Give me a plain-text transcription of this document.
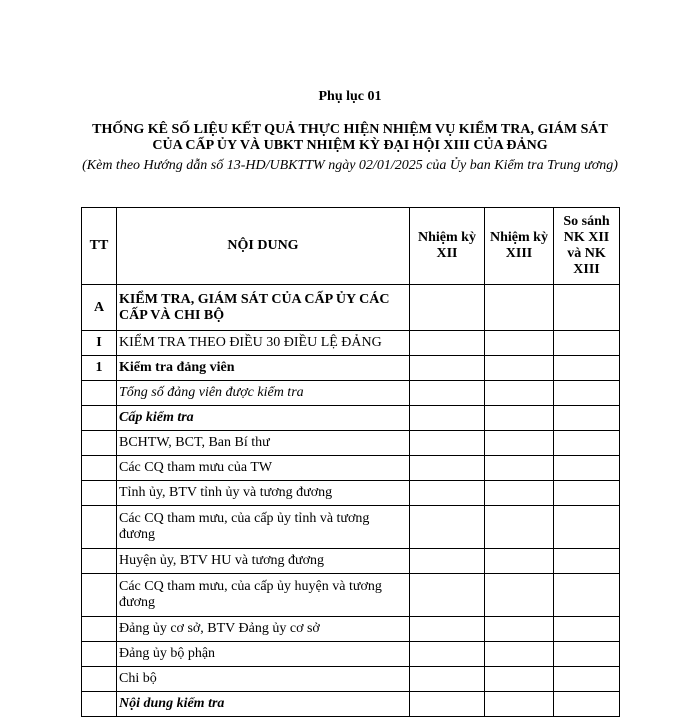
Phụ lục 01
THỐNG KÊ SỐ LIỆU KẾT QUẢ THỰC HIỆN NHIỆM VỤ KIỂM TRA, GIÁM SÁT CỦA CẤP ỦY VÀ UBKT NHIỆM KỲ ĐẠI HỘI XIII CỦA ĐẢNG
(Kèm theo Hướng dẫn số 13-HD/UBKTTW ngày 02/01/2025 của Ủy ban Kiểm tra Trung ương)
TT	NỘI DUNG	Nhiệm kỳ XII	Nhiệm kỳ XIII	So sánh NK XII và NK XIII
A	KIỂM TRA, GIÁM SÁT CỦA CẤP ỦY CÁC CẤP VÀ CHI BỘ			
I	KIỂM TRA THEO ĐIỀU 30 ĐIỀU LỆ ĐẢNG			
1	Kiểm tra đảng viên			
	Tổng số đảng viên được kiểm tra			
	Cấp kiểm tra			
	BCHTW, BCT, Ban Bí thư			
	Các CQ tham mưu của TW			
	Tỉnh ủy, BTV tỉnh ủy và tương đương			
	Các CQ tham mưu, của cấp ủy tỉnh và tương đương			
	Huyện ủy, BTV HU và tương đương			
	Các CQ tham mưu, của cấp ủy huyện và tương đương			
	Đảng ủy cơ sở, BTV Đảng ủy cơ sở			
	Đảng ủy bộ phận			
	Chi bộ			
	Nội dung kiểm tra			
